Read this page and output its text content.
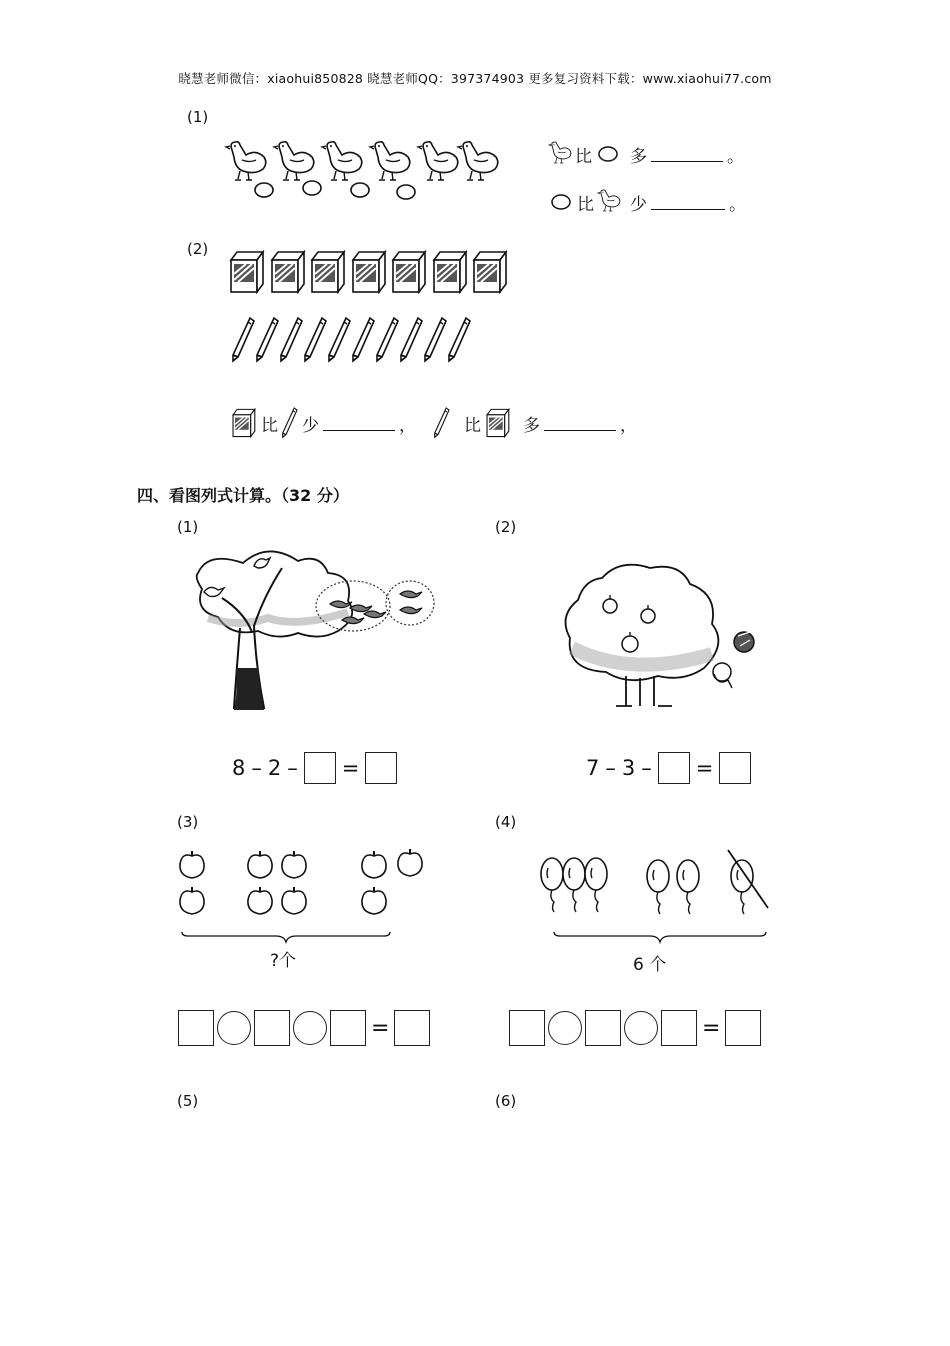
晓慧老师微信：xiaohui850828 晓慧老师QQ：397374903 更多复习资料下载：www.xiaohui77.com
(1)
比 多	。
比 少	。
(2)
比 少	，	比 多	，
四、看图列式计算。（32 分）
(1)	(2)
8 – 2 – =	7 – 3 – =
(3)	(4)
?个	6 个
=	=
(5)	(6)
